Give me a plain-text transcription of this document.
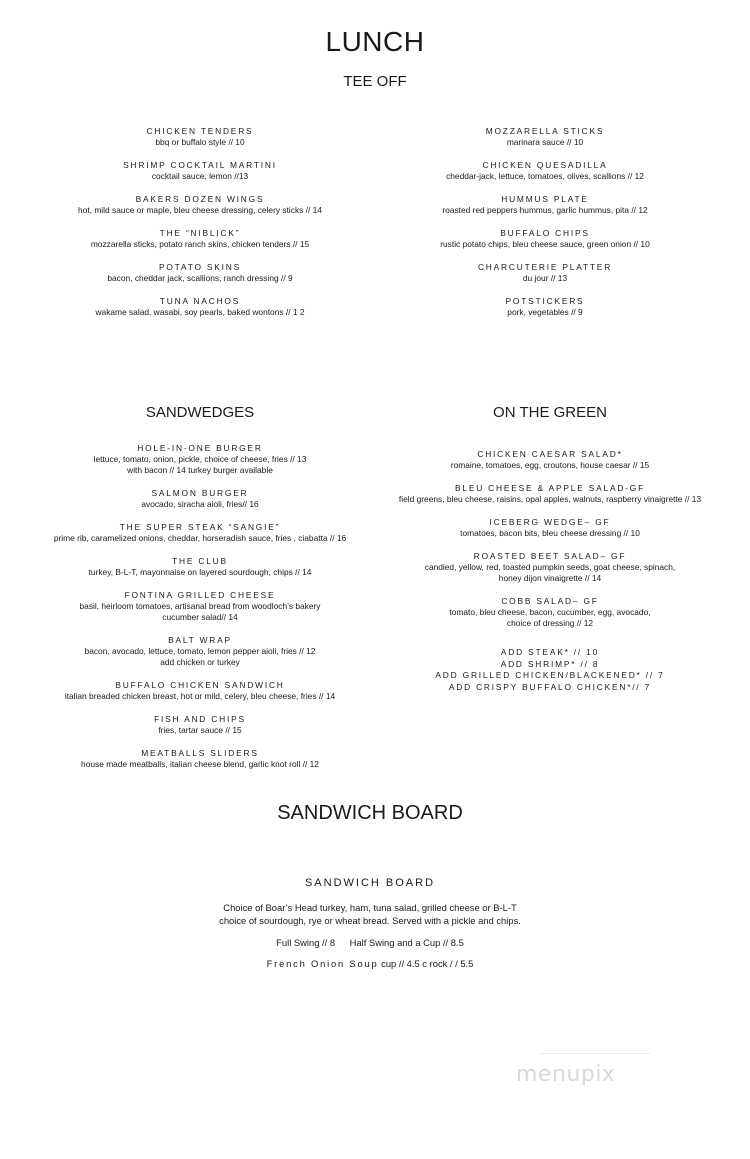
LUNCH
TEE OFF
CHICKEN TENDERS
bbq or buffalo style // 10
SHRIMP COCKTAIL MARTINI
cocktail sauce, lemon //13
BAKERS DOZEN WINGS
hot, mild sauce or maple, bleu cheese dressing, celery sticks // 14
THE “NIBLICK”
mozzarella sticks, potato ranch skins, chicken tenders // 15
POTATO SKINS
bacon, cheddar jack, scallions, ranch dressing // 9
TUNA NACHOS
wakame salad, wasabi, soy pearls, baked wontons // 1 2
MOZZARELLA STICKS
marinara sauce // 10
CHICKEN QUESADILLA
cheddar-jack, lettuce, tomatoes, olives, scallions // 12
HUMMUS PLATE
roasted red peppers hummus, garlic hummus, pita // 12
BUFFALO CHIPS
rustic potato chips, bleu cheese sauce, green onion // 10
CHARCUTERIE PLATTER
du jour // 13
POTSTICKERS
pork, vegetables // 9
SANDWEDGES
HOLE-IN-ONE BURGER
lettuce, tomato, onion, pickle, choice of cheese, fries // 13
with bacon // 14 turkey burger available
SALMON BURGER
avocado, siracha aioli, fries// 16
THE SUPER STEAK “SANGIE”
prime rib, caramelized onions, cheddar, horseradish sauce, fries , ciabatta // 16
THE CLUB
turkey, B-L-T, mayonnaise on layered sourdough, chips // 14
FONTINA GRILLED CHEESE
basil, heirloom tomatoes, artisanal bread from woodloch’s bakery
cucumber salad// 14
BALT WRAP
bacon, avocado, lettuce, tomato, lemon pepper aioli, fries // 12
add chicken or turkey
BUFFALO CHICKEN SANDWICH
italian breaded chicken breast, hot or mild, celery, bleu cheese, fries // 14
FISH AND CHIPS
fries, tartar sauce // 15
MEATBALLS SLIDERS
house made meatballs, italian cheese blend, garlic knot roll // 12
ON THE GREEN
CHICKEN CAESAR SALAD*
romaine, tomatoes, egg, croutons, house caesar // 15
BLEU CHEESE & APPLE SALAD-GF
field greens, bleu cheese, raisins, opal apples, walnuts, raspberry vinaigrette // 13
ICEBERG WEDGE– GF
tomatoes, bacon bits, bleu cheese dressing // 10
ROASTED BEET SALAD– GF
candied, yellow, red, toasted pumpkin seeds, goat cheese, spinach,
honey dijon vinaigrette // 14
COBB SALAD– GF
tomato, bleu cheese, bacon, cucumber, egg, avocado,
choice of dressing // 12
ADD STEAK* // 10
ADD SHRIMP* // 8
ADD GRILLED CHICKEN/BLACKENED* // 7
ADD CRISPY BUFFALO CHICKEN*// 7
SANDWICH BOARD
SANDWICH BOARD
Choice of Boar’s Head turkey, ham, tuna salad, grilled cheese or B-L-T
choice of sourdough, rye or wheat bread. Served with a pickle and chips.
Full Swing // 8 Half Swing and a Cup // 8.5
French Onion Soup cup // 4.5 c rock / / 5.5
menupix
